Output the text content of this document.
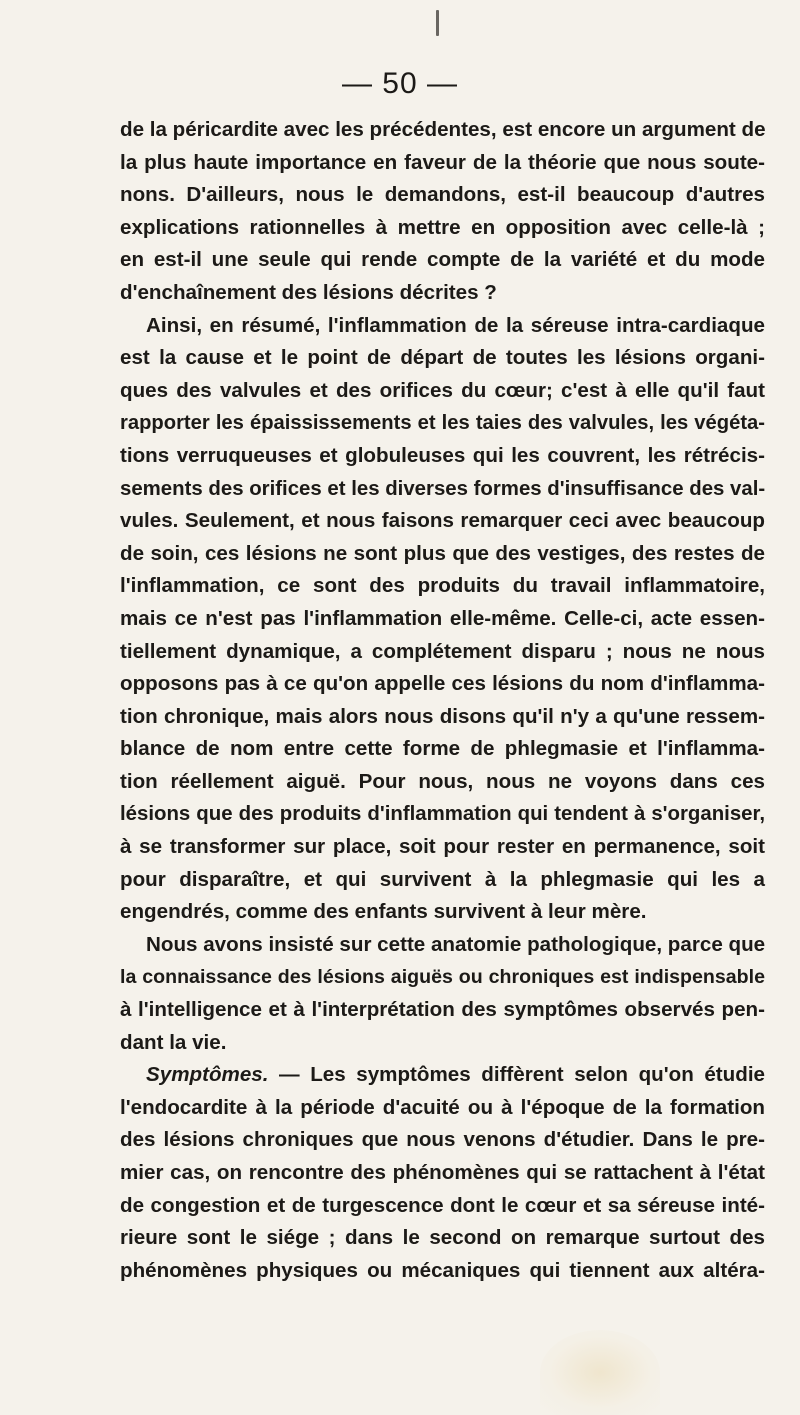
— 50 —
de la péricardite avec les précédentes, est encore un argument de
la plus haute importance en faveur de la théorie que nous soute-
nons. D'ailleurs, nous le demandons, est-il beaucoup d'autres
explications rationnelles à mettre en opposition avec celle-là ;
en est-il une seule qui rende compte de la variété et du mode
d'enchaînement des lésions décrites ?
Ainsi, en résumé, l'inflammation de la séreuse intra-cardiaque
est la cause et le point de départ de toutes les lésions organi-
ques des valvules et des orifices du cœur; c'est à elle qu'il faut
rapporter les épaississements et les taies des valvules, les végéta-
tions verruqueuses et globuleuses qui les couvrent, les rétrécis-
sements des orifices et les diverses formes d'insuffisance des val-
vules. Seulement, et nous faisons remarquer ceci avec beaucoup
de soin, ces lésions ne sont plus que des vestiges, des restes de
l'inflammation, ce sont des produits du travail inflammatoire,
mais ce n'est pas l'inflammation elle-même. Celle-ci, acte essen-
tiellement dynamique, a complétement disparu ; nous ne nous
opposons pas à ce qu'on appelle ces lésions du nom d'inflamma-
tion chronique, mais alors nous disons qu'il n'y a qu'une ressem-
blance de nom entre cette forme de phlegmasie et l'inflamma-
tion réellement aiguë. Pour nous, nous ne voyons dans ces
lésions que des produits d'inflammation qui tendent à s'organiser,
à se transformer sur place, soit pour rester en permanence, soit
pour disparaître, et qui survivent à la phlegmasie qui les a
engendrés, comme des enfants survivent à leur mère.
Nous avons insisté sur cette anatomie pathologique, parce que
la connaissance des lésions aiguës ou chroniques est indispensable
à l'intelligence et à l'interprétation des symptômes observés pen-
dant la vie.
Symptômes. — Les symptômes diffèrent selon qu'on étudie
l'endocardite à la période d'acuité ou à l'époque de la formation
des lésions chroniques que nous venons d'étudier. Dans le pre-
mier cas, on rencontre des phénomènes qui se rattachent à l'état
de congestion et de turgescence dont le cœur et sa séreuse inté-
rieure sont le siége ; dans le second on remarque surtout des
phénomènes physiques ou mécaniques qui tiennent aux altéra-
